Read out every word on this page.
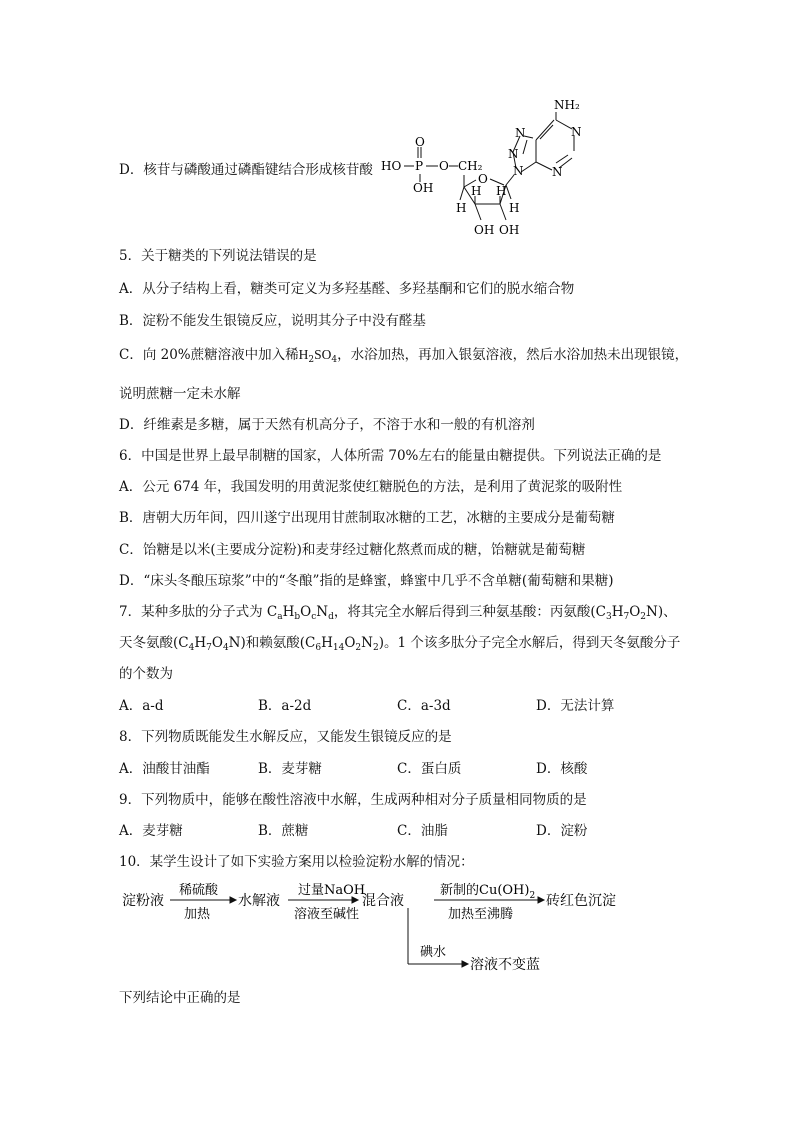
D．核苷与磷酸通过磷酯键结合形成核苷酸
NH₂
N	N
N
N
N
O
P
HO
OH
O CH₂
O
H
H H
H
OH OH
5．关于糖类的下列说法错误的是
A．从分子结构上看，糖类可定义为多羟基醛、多羟基酮和它们的脱水缩合物
B．淀粉不能发生银镜反应，说明其分子中没有醛基
C．向 20%蔗糖溶液中加入稀$H_2SO_4$，水浴加热，再加入银氨溶液，然后水浴加热未出现银镜，
说明蔗糖一定未水解
D．纤维素是多糖，属于天然有机高分子，不溶于水和一般的有机溶剂
6．中国是世界上最早制糖的国家，人体所需 70%左右的能量由糖提供。下列说法正确的是
A．公元 674 年，我国发明的用黄泥浆使红糖脱色的方法，是利用了黄泥浆的吸附性
B．唐朝大历年间，四川遂宁出现用甘蔗制取冰糖的工艺，冰糖的主要成分是葡萄糖
C．饴糖是以米(主要成分淀粉)和麦芽经过糖化熬煮而成的糖，饴糖就是葡萄糖
D．“床头冬酿压琼浆”中的“冬酿”指的是蜂蜜，蜂蜜中几乎不含单糖(葡萄糖和果糖)
7．某种多肽的分子式为 $C_aH_bO_cN_d$，将其完全水解后得到三种氨基酸：丙氨酸$(C_3H_7O_2N)$、
天冬氨酸$(C_4H_7O_4N)$和赖氨酸$(C_6H_{14}O_2N_2)$。1 个该多肽分子完全水解后，得到天冬氨酸分子
的个数为
A．a-d	B．a-2d	C．a-3d	D．无法计算
8．下列物质既能发生水解反应，又能发生银镜反应的是
A．油酸甘油酯	B．麦芽糖	C．蛋白质	D．核酸
9．下列物质中，能够在酸性溶液中水解，生成两种相对分子质量相同物质的是
A．麦芽糖	B．蔗糖	C．油脂	D．淀粉
10．某学生设计了如下实验方案用以检验淀粉水解的情况：
淀粉液
稀硫酸
加热
水解液
过量NaOH
溶液至碱性
混合液
新制的$Cu(OH)_2$
加热至沸腾
砖红色沉淀
碘水
溶液不变蓝
下列结论中正确的是
